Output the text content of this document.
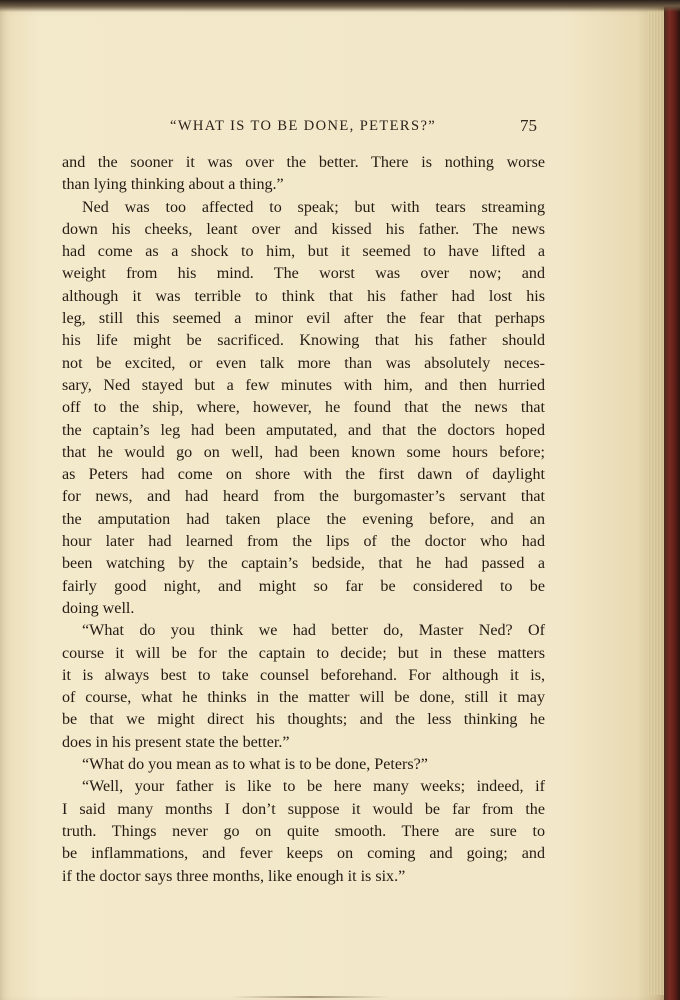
“WHAT IS TO BE DONE, PETERS?”	75
and the sooner it was over the better. There is nothing worse
than lying thinking about a thing.”
Ned was too affected to speak; but with tears streaming
down his cheeks, leant over and kissed his father. The news
had come as a shock to him, but it seemed to have lifted a
weight from his mind. The worst was over now; and
although it was terrible to think that his father had lost his
leg, still this seemed a minor evil after the fear that perhaps
his life might be sacrificed. Knowing that his father should
not be excited, or even talk more than was absolutely neces-
sary, Ned stayed but a few minutes with him, and then hurried
off to the ship, where, however, he found that the news that
the captain’s leg had been amputated, and that the doctors hoped
that he would go on well, had been known some hours before;
as Peters had come on shore with the first dawn of daylight
for news, and had heard from the burgomaster’s servant that
the amputation had taken place the evening before, and an
hour later had learned from the lips of the doctor who had
been watching by the captain’s bedside, that he had passed a
fairly good night, and might so far be considered to be
doing well.
“What do you think we had better do, Master Ned? Of
course it will be for the captain to decide; but in these matters
it is always best to take counsel beforehand. For although it is,
of course, what he thinks in the matter will be done, still it may
be that we might direct his thoughts; and the less thinking he
does in his present state the better.”
“What do you mean as to what is to be done, Peters?”
“Well, your father is like to be here many weeks; indeed, if
I said many months I don’t suppose it would be far from the
truth. Things never go on quite smooth. There are sure to
be inflammations, and fever keeps on coming and going; and
if the doctor says three months, like enough it is six.”
